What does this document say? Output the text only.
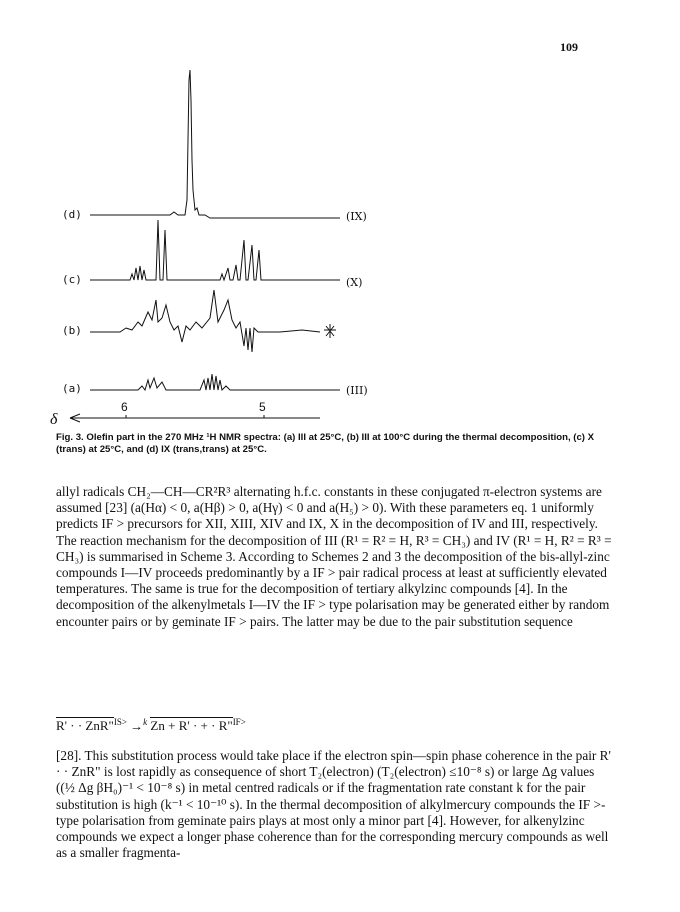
109
(d)
(c)
(b)
(a)
(IX)
(X)
(III)
6	5
δ
Fig. 3. Olefin part in the 270 MHz ¹H NMR spectra: (a) III at 25°C, (b) III at 100°C during the thermal decomposition, (c) X (trans) at 25°C, and (d) IX (trans,trans) at 25°C.

allyl radicals CH₂—CH—CR²R³ alternating h.f.c. constants in these conjugated π-electron systems are assumed [23] (a(Hα) < 0, a(Hβ) > 0, a(Hγ) < 0 and a(H₅) > 0). With these parameters eq. 1 uniformly predicts IF > precursors for XII, XIII, XIV and IX, X in the decomposition of IV and III, respectively. The reaction mechanism for the decomposition of III (R¹ = R² = H, R³ = CH₃) and IV (R¹ = H, R² = R³ = CH₃) is summarised in Scheme 3. According to Schemes 2 and 3 the decomposition of the bis-allyl-zinc compounds I—IV proceeds predominantly by a IF > pair radical process at least at sufficiently elevated temperatures. The same is true for the decomposition of tertiary alkylzinc compounds [4]. In the decomposition of the alkenylmetals I—IV the IF > type polarisation may be generated either by random encounter pairs or by geminate IF > pairs. The latter may be due to the pair substitution sequence

R' · · ZnR"$^{IS>}$ →$^k$ Zn + R' · + · R"$^{IF>}$

[28]. This substitution process would take place if the electron spin—spin phase coherence in the pair R' · · ZnR" is lost rapidly as consequence of short T₂(electron) (T₂(electron) ≤10⁻⁸ s) or large Δg values ((½ Δg βH₀)⁻¹ < 10⁻⁸ s) in metal centred radicals or if the fragmentation rate constant k for the pair substitution is high (k⁻¹ < 10⁻¹⁰ s). In the thermal decomposition of alkylmercury compounds the IF >-type polarisation from geminate pairs plays at most only a minor part [4]. However, for alkenylzinc compounds we expect a longer phase coherence than for the corresponding mercury compounds as well as a smaller fragmenta-
